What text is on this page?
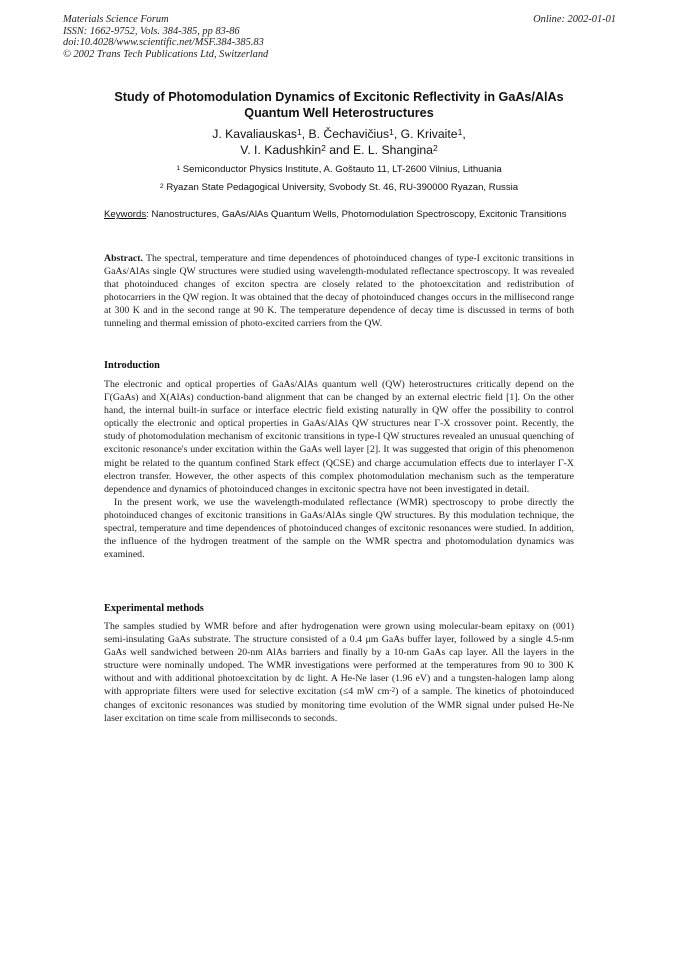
Materials Science Forum
ISSN: 1662-9752, Vols. 384-385, pp 83-86
doi:10.4028/www.scientific.net/MSF.384-385.83
© 2002 Trans Tech Publications Ltd, Switzerland
Online: 2002-01-01
Study of Photomodulation Dynamics of Excitonic Reflectivity in GaAs/AlAs Quantum Well Heterostructures
J. Kavaliauskas$^1$, B. Čechavičius$^1$, G. Krivaite$^1$,
V. I. Kadushkin$^2$ and E. L. Shangina$^2$
$^1$ Semiconductor Physics Institute, A. Goštauto 11, LT-2600 Vilnius, Lithuania
$^2$ Ryazan State Pedagogical University, Svobody St. 46, RU-390000 Ryazan, Russia
Keywords: Nanostructures, GaAs/AlAs Quantum Wells, Photomodulation Spectroscopy, Excitonic Transitions
Abstract. The spectral, temperature and time dependences of photoinduced changes of type-I excitonic transitions in GaAs/AlAs single QW structures were studied using wavelength-modulated reflectance spectroscopy. It was revealed that photoinduced changes of exciton spectra are closely related to the photoexcitation and redistribution of photocarriers in the QW region. It was obtained that the decay of photoinduced changes occurs in the millisecond range at 300 K and in the second range at 90 K. The temperature dependence of decay time is discussed in terms of both tunneling and thermal emission of photo-excited carriers from the QW.
Introduction

The electronic and optical properties of GaAs/AlAs quantum well (QW) heterostructures critically depend on the Γ(GaAs) and X(AlAs) conduction-band alignment that can be changed by an external electric field [1]. On the other hand, the internal built-in surface or interface electric field existing naturally in QW offer the possibility to control optically the electronic and optical properties in GaAs/AlAs QW structures near Γ-X crossover point. Recently, the study of photomodulation mechanism of excitonic transitions in type-I QW structures revealed an unusual quenching of excitonic resonance's under excitation within the GaAs well layer [2]. It was suggested that origin of this phenomenon might be related to the quantum confined Stark effect (QCSE) and charge accumulation effects due to interlayer Γ-X electron transfer. However, the other aspects of this complex photomodulation mechanism such as the temperature dependence and dynamics of photoinduced changes in excitonic spectra have not been investigated in detail.

In the present work, we use the wavelength-modulated reflectance (WMR) spectroscopy to probe directly the photoinduced changes of excitonic transitions in GaAs/AlAs single QW structures. By this modulation technique, the spectral, temperature and time dependences of photoinduced changes of excitonic resonances were studied. In addition, the influence of the hydrogen treatment of the sample on the WMR spectra and photomodulation dynamics was examined.

Experimental methods

The samples studied by WMR before and after hydrogenation were grown using molecular-beam epitaxy on (001) semi-insulating GaAs substrate. The structure consisted of a 0.4 μm GaAs buffer layer, followed by a single 4.5-nm GaAs well sandwiched between 20-nm AlAs barriers and finally by a 10-nm GaAs cap layer. All the layers in the structure were nominally undoped. The WMR investigations were performed at the temperatures from 90 to 300 K without and with additional photoexcitation by dc light. A He-Ne laser (1.96 eV) and a tungsten-halogen lamp along with appropriate filters were used for selective excitation (≤4 mW $cm^{-2}$) of a sample. The kinetics of photoinduced changes of excitonic resonances was studied by monitoring time evolution of the WMR signal under pulsed He-Ne laser excitation on time scale from milliseconds to seconds.
